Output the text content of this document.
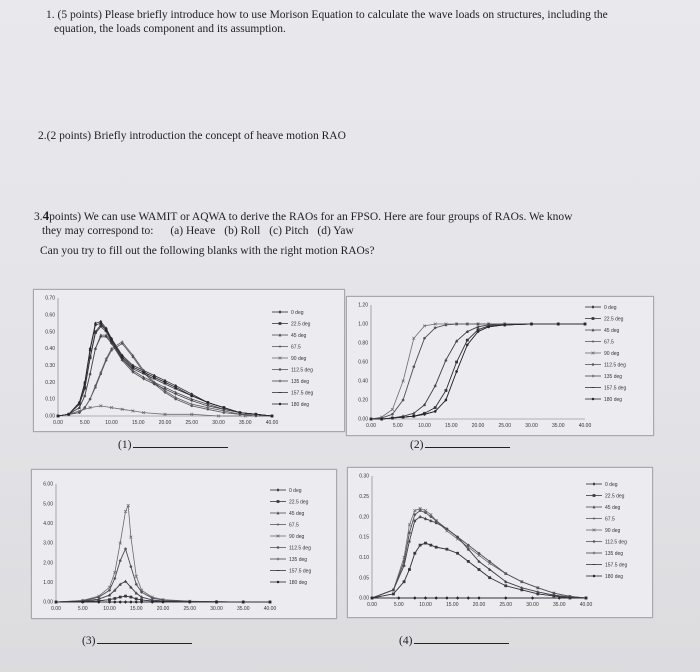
1. (5 points) Please briefly introduce how to use Morison Equation to calculate the wave loads on structures, including the
equation, the loads component and its assumption.
2.(2 points) Briefly introduction the concept of heave motion RAO
3.4points) We can use WAMIT or AQWA to derive the RAOs for an FPSO. Here are four groups of RAOs. We know
they may correspond to: (a) Heave (b) Roll (c) Pitch (d) Yaw
Can you try to fill out the following blanks with the right motion RAOs?
0.00
0.10
0.20
0.30
0.40
0.50
0.60
0.70
0.00	5.00	10.00	15.00	20.00	25.00	30.00	35.00	40.00
0 deg
22.5 deg
45 deg
67.5
90 deg
112.5 deg
135 deg
157.5 deg
180 deg
0.00
0.20
0.40
0.60
0.80
1.00
1.20
0.00	5.00	10.00	15.00	20.00	25.00	30.00	35.00	40.00
0 deg
22.5 deg
45 deg
67.5
90 deg
112.5 deg
135 deg
157.5 deg
180 deg
0.00
1.00
2.00
3.00
4.00
5.00
6.00
0.00	5.00	10.00	15.00	20.00	25.00	30.00	35.00	40.00
0 deg
22.5 deg
45 deg
67.5
90 deg
112.5 deg
135 deg
157.5 deg
180 deg
0.00
0.05
0.10
0.15
0.20
0.25
0.30
0.00	5.00	10.00	15.00	20.00	25.00	30.00	35.00	40.00
0 deg
22.5 deg
45 deg
67.5
90 deg
112.5 deg
135 deg
157.5 deg
180 deg
(1)	(2)
(3)	(4)
